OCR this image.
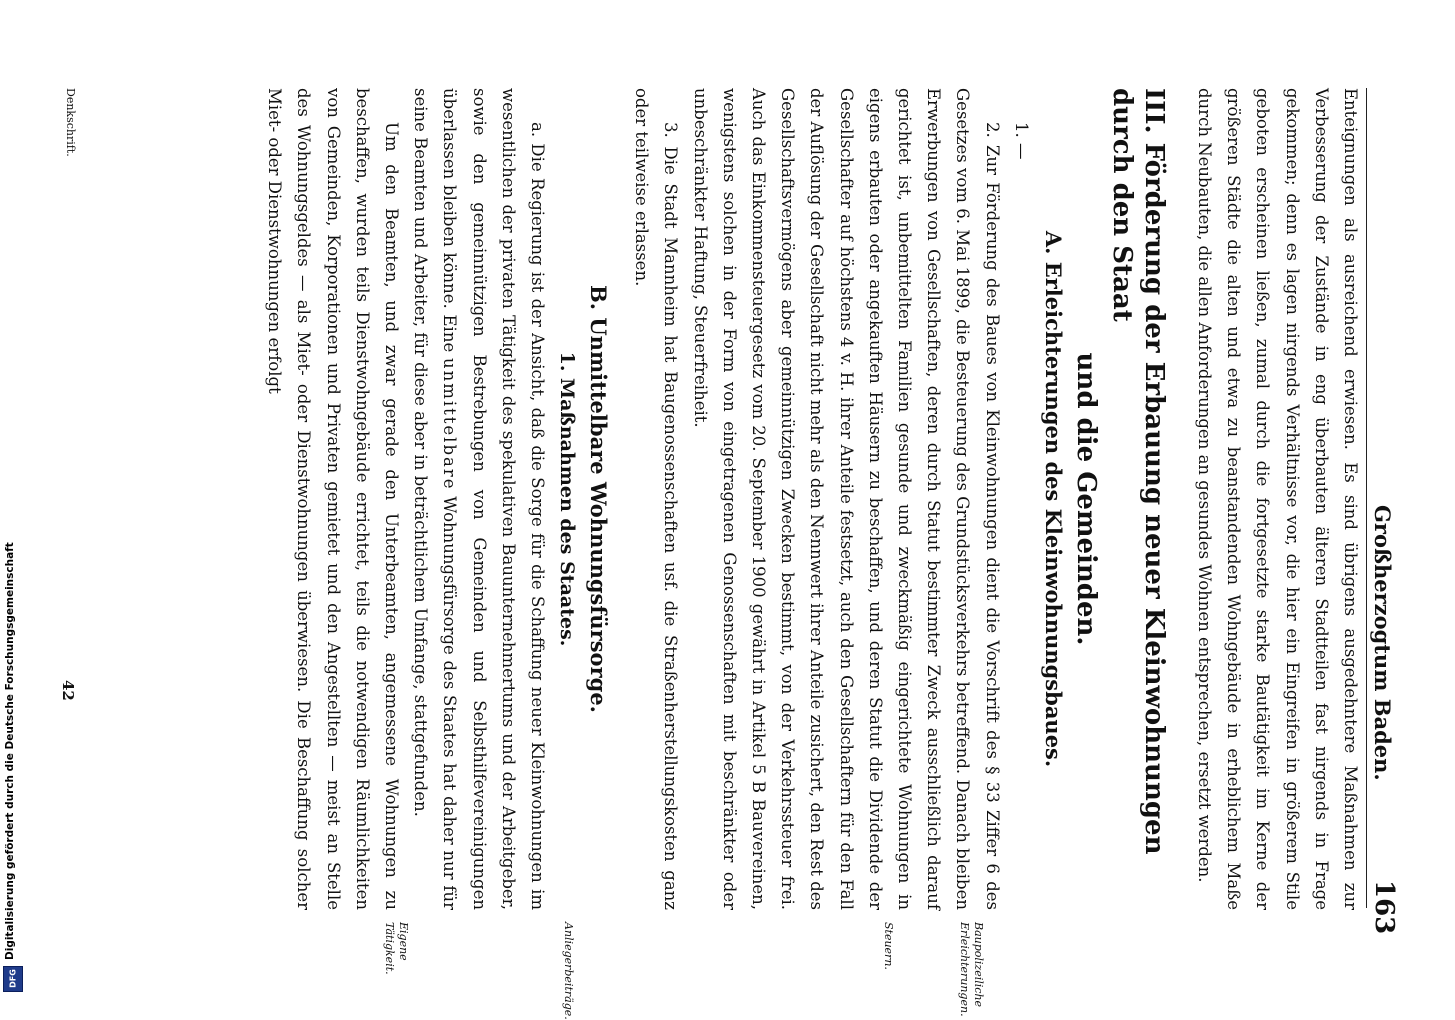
Großherzogtum Baden.
163

Enteignungen als ausreichend erwiesen. Es sind übrigens ausgedehntere Maßnahmen zur Verbesserung der Zustände in eng überbauten älteren Stadtteilen fast nirgends in Frage gekommen; denn es lagen nirgends Verhältnisse vor, die hier ein Eingreifen in größerem Stile geboten erscheinen ließen, zumal durch die fortgesetzte starke Bautätigkeit im Kerne der größeren Städte die alten und etwa zu beanstandenden Wohngebäude in erheblichem Maße durch Neubauten, die allen Anforderungen an gesundes Wohnen entsprechen, ersetzt werden.

III. Förderung der Erbauung neuer Kleinwohnungen durch den Staat
und die Gemeinden.
A. Erleichterungen des Kleinwohnungsbaues.

1. —

2. Zur Förderung des Baues von Kleinwohnungen dient die Vorschrift des § 33 Ziffer 6 des Gesetzes vom 6. Mai 1899, die Besteuerung des Grundstücksverkehrs betreffend. Danach bleiben Erwerbungen von Gesellschaften, deren durch Statut bestimmter Zweck ausschließlich darauf gerichtet ist, unbemittelten Familien gesunde und zweckmäßig eingerichtete Wohnungen in eigens erbauten oder angekauften Häusern zu beschaffen, und deren Statut die Dividende der Gesellschafter auf höchstens 4 v. H. ihrer Anteile festsetzt, auch den Gesellschaftern für den Fall der Auflösung der Gesellschaft nicht mehr als den Nennwert ihrer Anteile zusichert, den Rest des Gesellschaftsvermögens aber gemeinnützigen Zwecken bestimmt, von der Verkehrssteuer frei. Auch das Einkommensteuergesetz vom 20. September 1900 gewährt in Artikel 5 B Bauvereinen, wenigstens solchen in der Form von eingetragenen Genossenschaften mit beschränkter oder unbeschränkter Haftung, Steuerfreiheit.

3. Die Stadt Mannheim hat Baugenossenschaften usf. die Straßenherstellungskosten ganz oder teilweise erlassen.

B. Unmittelbare Wohnungsfürsorge.
1. Maßnahmen des Staates.

a. Die Regierung ist der Ansicht, daß die Sorge für die Schaffung neuer Kleinwohnungen im wesentlichen der privaten Tätigkeit des spekulativen Bauunternehmertums und der Arbeitgeber, sowie den gemeinnützigen Bestrebungen von Gemeinden und Selbsthilfevereinigungen überlassen bleiben könne. Eine unmittelbare Wohnungsfürsorge des Staates hat daher nur für seine Beamten und Arbeiter, für diese aber in beträchtlichem Umfange, stattgefunden.

Um den Beamten, und zwar gerade den Unterbeamten, angemessene Wohnungen zu beschaffen, wurden teils Dienstwohngebäude errichtet, teils die notwendigen Räumlichkeiten von Gemeinden, Korporationen und Privaten gemietet und den Angestellten — meist an Stelle des Wohnungsgeldes — als Miet- oder Dienstwohnungen überwiesen. Die Beschaffung solcher Miet- oder Dienstwohnungen erfolgt

Baupolizeiliche Erleichterungen.
Steuern.
Anliegerbeiträge.
Eigene Tätigkeit.
Denkschrift.
42
Digitalisierung gefördert durch die Deutsche Forschungsgemeinschaft
DFG
